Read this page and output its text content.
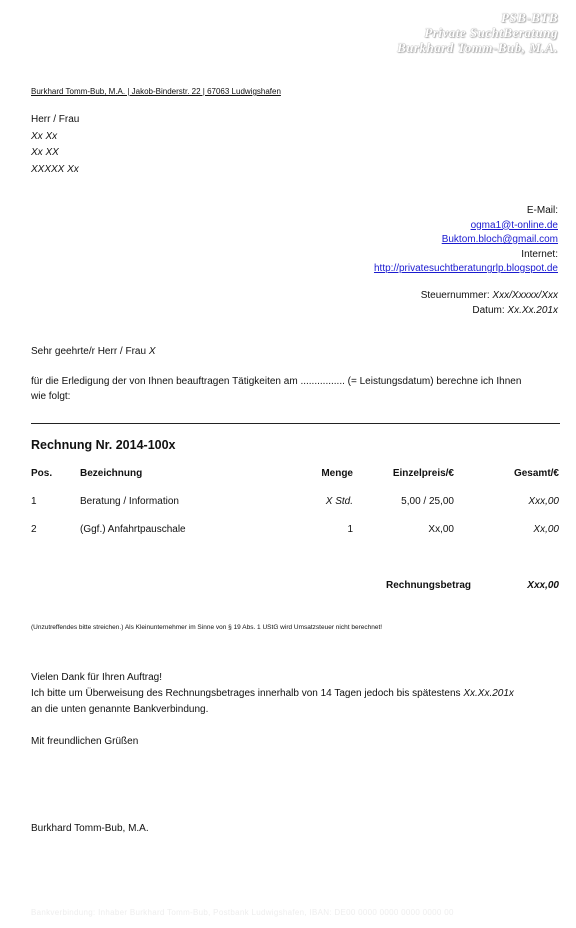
PSB-BTB
Private SuchtBeratung
Burkhard Tomm-Bub, M.A.
Burkhard Tomm-Bub, M.A. | Jakob-Binderstr. 22 | 67063 Ludwigshafen
Herr / Frau
Xx Xx
Xx XX
XXXXX Xx
E-Mail:
ogma1@t-online.de
Buktom.bloch@gmail.com
Internet:
http://privatesuchtberatungrlp.blogspot.de
Steuernummer: Xxx/Xxxxx/Xxx
Datum: Xx.Xx.201x
Sehr geehrte/r Herr / Frau X
für die Erledigung der von Ihnen beauftragen Tätigkeiten am ................ (= Leistungsdatum) berechne ich Ihnen
wie folgt:
Rechnung Nr. 2014-100x
Pos.	Bezeichnung	Menge	Einzelpreis/€	Gesamt/€
1	Beratung / Information	X Std.	5,00 / 25,00	Xxx,00
2	(Ggf.) Anfahrtpauschale	1	Xx,00	Xx,00
Rechnungsbetrag	Xxx,00
(Unzutreffendes bitte streichen.) Als Kleinunternehmer im Sinne von § 19 Abs. 1 UStG wird Umsatzsteuer nicht berechnet!
Vielen Dank für Ihren Auftrag!
Ich bitte um Überweisung des Rechnungsbetrages innerhalb von 14 Tagen jedoch bis spätestens Xx.Xx.201x
an die unten genannte Bankverbindung.
Mit freundlichen Grüßen
Burkhard Tomm-Bub, M.A.
Bankverbindung: Inhaber Burkhard Tomm-Bub, Postbank Ludwigshafen, IBAN: DE00 0000 0000 0000 0000 00
